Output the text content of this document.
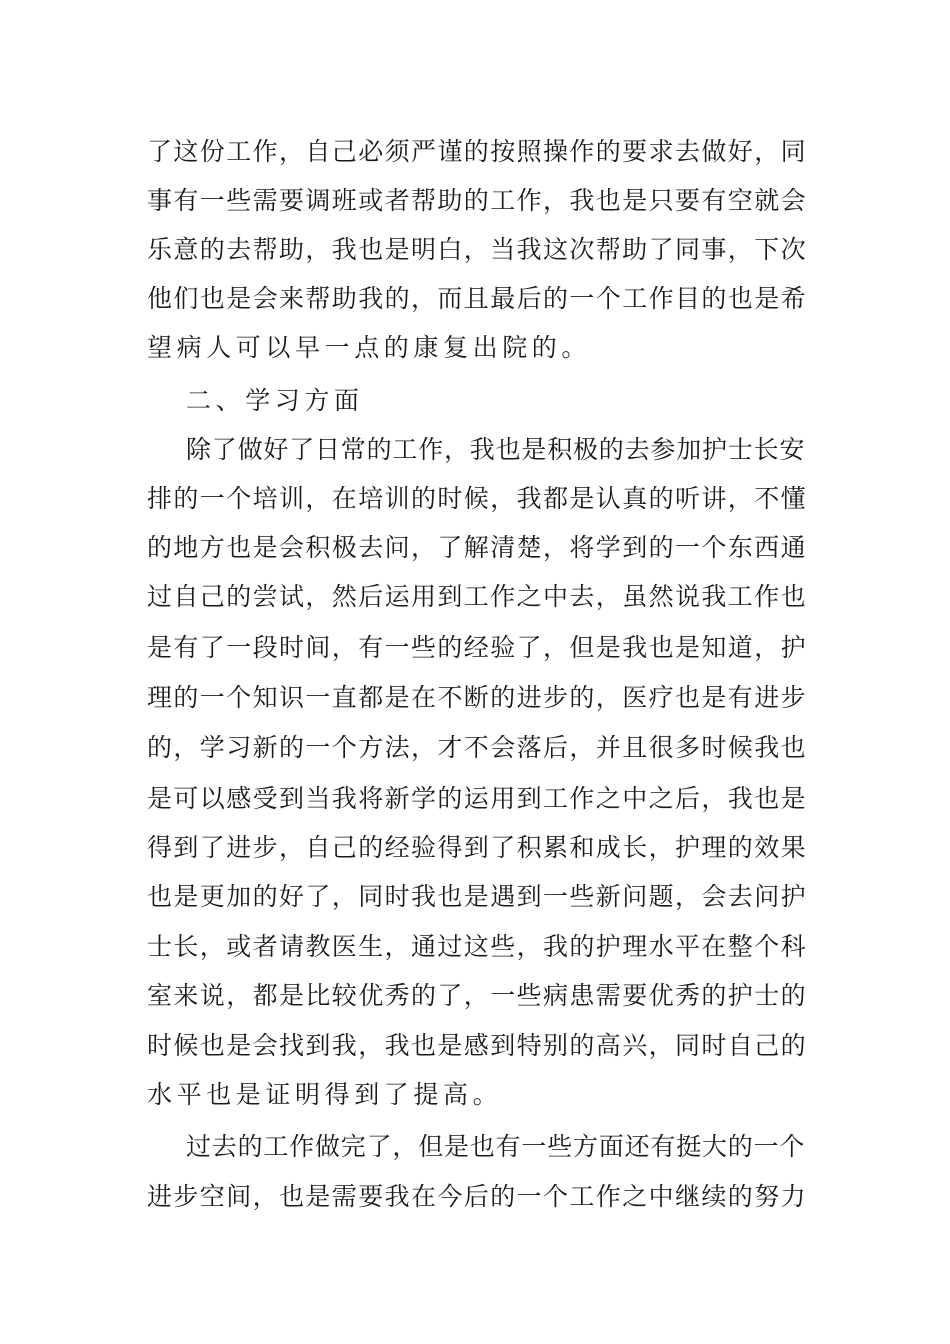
了这份工作，自己必须严谨的按照操作的要求去做好，同
事有一些需要调班或者帮助的工作，我也是只要有空就会
乐意的去帮助，我也是明白，当我这次帮助了同事，下次
他们也是会来帮助我的，而且最后的一个工作目的也是希
望病人可以早一点的康复出院的。
二、学习方面
除了做好了日常的工作，我也是积极的去参加护士长安
排的一个培训，在培训的时候，我都是认真的听讲，不懂
的地方也是会积极去问，了解清楚，将学到的一个东西通
过自己的尝试，然后运用到工作之中去，虽然说我工作也
是有了一段时间，有一些的经验了，但是我也是知道，护
理的一个知识一直都是在不断的进步的，医疗也是有进步
的，学习新的一个方法，才不会落后，并且很多时候我也
是可以感受到当我将新学的运用到工作之中之后，我也是
得到了进步，自己的经验得到了积累和成长，护理的效果
也是更加的好了，同时我也是遇到一些新问题，会去问护
士长，或者请教医生，通过这些，我的护理水平在整个科
室来说，都是比较优秀的了，一些病患需要优秀的护士的
时候也是会找到我，我也是感到特别的高兴，同时自己的
水平也是证明得到了提高。
过去的工作做完了，但是也有一些方面还有挺大的一个
进步空间，也是需要我在今后的一个工作之中继续的努力
